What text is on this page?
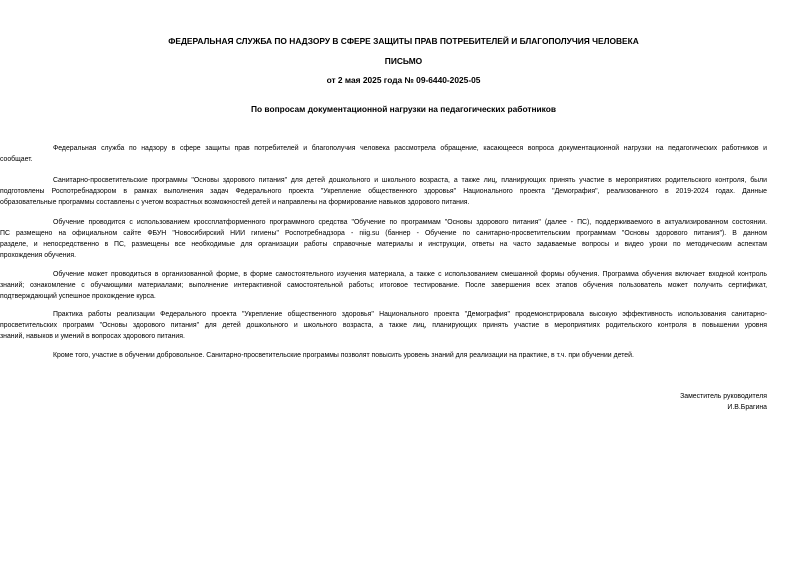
ФЕДЕРАЛЬНАЯ СЛУЖБА ПО НАДЗОРУ В СФЕРЕ ЗАЩИТЫ ПРАВ ПОТРЕБИТЕЛЕЙ И БЛАГОПОЛУЧИЯ ЧЕЛОВЕКА
ПИСЬМО
от 2 мая 2025 года № 09-6440-2025-05
По вопросам документационной нагрузки на педагогических работников
Федеральная служба по надзору в сфере защиты прав потребителей и благополучия человека рассмотрела обращение, касающееся вопроса документационной нагрузки на педагогических работников и
сообщает.
Санитарно-просветительские программы "Основы здорового питания" для детей дошкольного и школьного возраста, а также лиц, планирующих принять участие в мероприятиях родительского контроля, были
подготовлены Роспотребнадзором в рамках выполнения задач Федерального проекта "Укрепление общественного здоровья" Национального проекта "Демография", реализованного в 2019-2024 годах. Данные
образовательные программы составлены с учетом возрастных возможностей детей и направлены на формирование навыков здорового питания.
Обучение проводится с использованием кроссплатформенного программного средства "Обучение по программам "Основы здорового питания" (далее - ПС), поддерживаемого в актуализированном состоянии.
ПС размещено на официальном сайте ФБУН "Новосибирский НИИ гигиены" Роспотребнадзора - niig.su (баннер - Обучение по санитарно-просветительским программам "Основы здорового питания"). В данном
разделе, и непосредственно в ПС, размещены все необходимые для организации работы справочные материалы и инструкции, ответы на часто задаваемые вопросы и видео уроки по методическим аспектам
прохождения обучения.
Обучение может проводиться в организованной форме, в форме самостоятельного изучения материала, а также с использованием смешанной формы обучения. Программа обучения включает входной контроль
знаний; ознакомление с обучающими материалами; выполнение интерактивной самостоятельной работы; итоговое тестирование. После завершения всех этапов обучения пользователь может получить сертификат,
подтверждающий успешное прохождение курса.
Практика работы реализации Федерального проекта "Укрепление общественного здоровья" Национального проекта "Демография" продемонстрировала высокую эффективность использования санитарно-
просветительских программ "Основы здорового питания" для детей дошкольного и школьного возраста, а также лиц, планирующих принять участие в мероприятиях родительского контроля в повышении уровня
знаний, навыков и умений в вопросах здорового питания.
Кроме того, участие в обучении добровольное. Санитарно-просветительские программы позволят повысить уровень знаний для реализации на практике, в т.ч. при обучении детей.
Заместитель руководителя
И.В.Брагина
